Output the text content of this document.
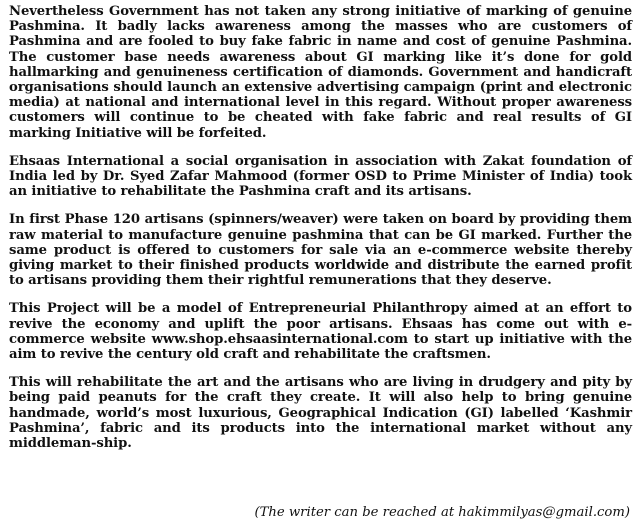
Nevertheless Government has not taken any strong initiative of marking of genuine Pashmina. It badly lacks awareness among the masses who are customers of Pashmina and are fooled to buy fake fabric in name and cost of genuine Pashmina. The customer base needs awareness about GI marking like it’s done for gold hallmarking and genuineness certification of diamonds. Government and handicraft organisations should launch an extensive advertising campaign (print and electronic media) at national and international level in this regard. Without proper awareness customers will continue to be cheated with fake fabric and real results of GI marking Initiative will be forfeited.

Ehsaas International a social organisation in association with Zakat foundation of India led by Dr. Syed Zafar Mahmood (former OSD to Prime Minister of India) took an initiative to rehabilitate the Pashmina craft and its artisans.

In first Phase 120 artisans (spinners/weaver) were taken on board by providing them raw material to manufacture genuine pashmina that can be GI marked. Further the same product is offered to customers for sale via an e-commerce website thereby giving market to their finished products worldwide and distribute the earned profit to artisans providing them their rightful remunerations that they deserve.

This Project will be a model of Entrepreneurial Philanthropy aimed at an effort to revive the economy and uplift the poor artisans. Ehsaas has come out with e-commerce website www.shop.ehsaasinternational.com to start up initiative with the aim to revive the century old craft and rehabilitate the craftsmen.

This will rehabilitate the art and the artisans who are living in drudgery and pity by being paid peanuts for the craft they create. It will also help to bring genuine handmade, world’s most luxurious, Geographical Indication (GI) labelled ‘Kashmir Pashmina’, fabric and its products into the international market without any middleman-ship.

(The writer can be reached at hakimmilyas@gmail.com)
